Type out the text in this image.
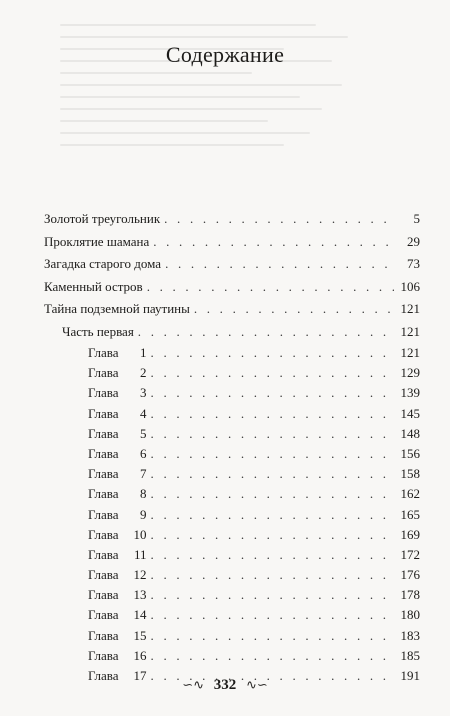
Содержание
Золотой треугольник . . .	5
Проклятие шамана . . .	29
Загадка старого дома . . .	73
Каменный остров . . .	106
Тайна подземной паутины . . .	121
Часть первая . . .	121
Глава 1 . . .	121
Глава 2 . . .	129
Глава 3 . . .	139
Глава 4 . . .	145
Глава 5 . . .	148
Глава 6 . . .	156
Глава 7 . . .	158
Глава 8 . . .	162
Глава 9 . . .	165
Глава 10 . . .	169
Глава 11 . . .	172
Глава 12 . . .	176
Глава 13 . . .	178
Глава 14 . . .	180
Глава 15 . . .	183
Глава 16 . . .	185
Глава 17 . . .	191
∽∿ 332 ∿∽
